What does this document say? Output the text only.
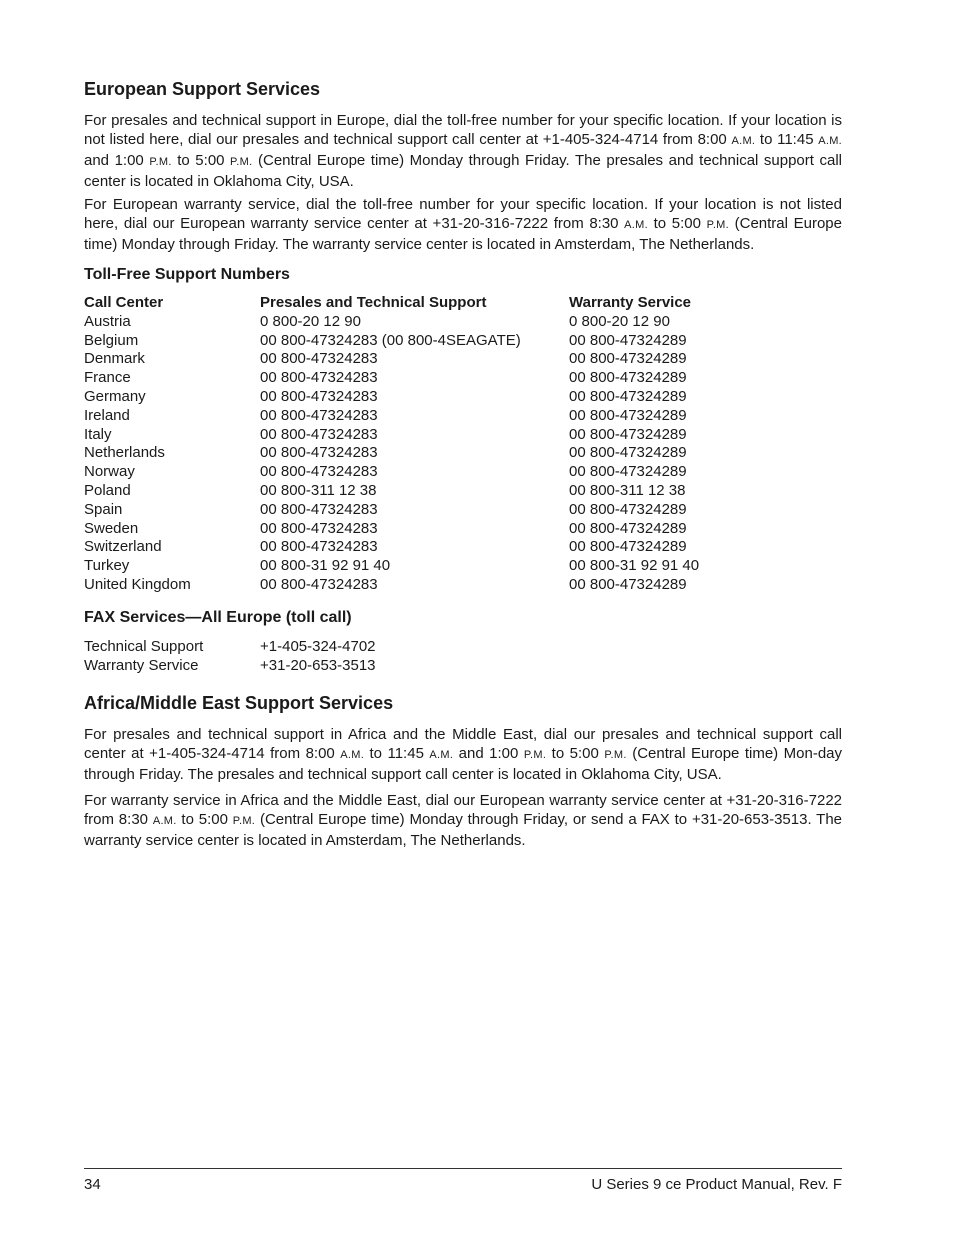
European Support Services

For presales and technical support in Europe, dial the toll-free number for your specific location. If your location is not listed here, dial our presales and technical support call center at +1-405-324-4714 from 8:00 A.M. to 11:45 A.M. and 1:00 P.M. to 5:00 P.M. (Central Europe time) Monday through Friday. The presales and technical support call center is located in Oklahoma City, USA.

For European warranty service, dial the toll-free number for your specific location. If your location is not listed here, dial our European warranty service center at +31-20-316-7222 from 8:30 A.M. to 5:00 P.M. (Central Europe time) Monday through Friday. The warranty service center is located in Amsterdam, The Netherlands.

Toll-Free Support Numbers
Call Center	Presales and Technical Support	Warranty Service
Austria	0 800-20 12 90	0 800-20 12 90
Belgium	00 800-47324283 (00 800-4SEAGATE)	00 800-47324289
Denmark	00 800-47324283	00 800-47324289
France	00 800-47324283	00 800-47324289
Germany	00 800-47324283	00 800-47324289
Ireland	00 800-47324283	00 800-47324289
Italy	00 800-47324283	00 800-47324289
Netherlands	00 800-47324283	00 800-47324289
Norway	00 800-47324283	00 800-47324289
Poland	00 800-311 12 38	00 800-311 12 38
Spain	00 800-47324283	00 800-47324289
Sweden	00 800-47324283	00 800-47324289
Switzerland	00 800-47324283	00 800-47324289
Turkey	00 800-31 92 91 40	00 800-31 92 91 40
United Kingdom	00 800-47324283	00 800-47324289
FAX Services—All Europe (toll call)
Technical Support	+1-405-324-4702
Warranty Service	+31-20-653-3513
Africa/Middle East Support Services

For presales and technical support in Africa and the Middle East, dial our presales and technical support call center at +1-405-324-4714 from 8:00 A.M. to 11:45 A.M. and 1:00 P.M. to 5:00 P.M. (Central Europe time) Mon-day through Friday. The presales and technical support call center is located in Oklahoma City, USA.

For warranty service in Africa and the Middle East, dial our European warranty service center at +31-20-316-7222 from 8:30 A.M. to 5:00 P.M. (Central Europe time) Monday through Friday, or send a FAX to +31-20-653-3513. The warranty service center is located in Amsterdam, The Netherlands.

34	U Series 9 ce Product Manual, Rev. F
